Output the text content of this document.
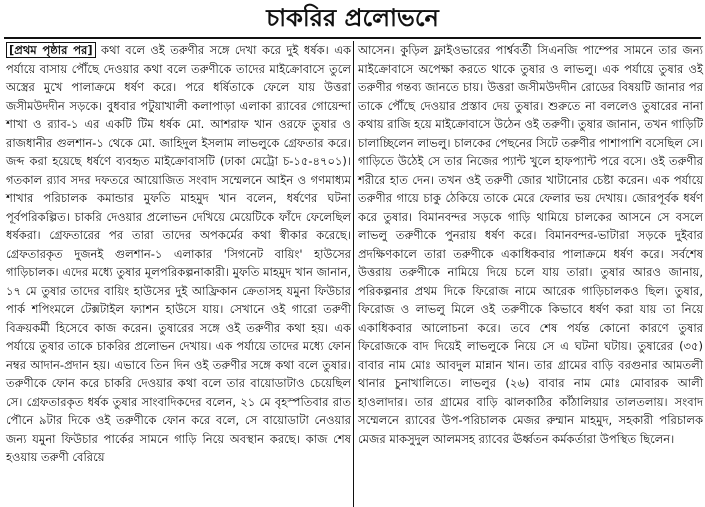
চাকরির প্রলোভনে

[প্রথম পৃষ্ঠার পর] কথা বলে ওই তরুণীর সঙ্গে দেখা করে দুই ধর্ষক। এক পর্যায়ে বাসায় পৌঁছে দেওয়ার কথা বলে তরুণীকে তাদের মাইক্রোবাসে তুলে অস্ত্রের মুখে পালাক্রমে ধর্ষণ করে। পরে ধর্ষিতাকে ফেলে যায় উত্তরা জসীমউদদীন সড়কে। বুধবার পটুয়াখালী কলাপাড়া এলাকা র‌্যাবের গোয়েন্দা শাখা ও র‌্যাব-১ এর একটি টিম ধর্ষক মো. আশরাফ খান ওরফে তুষার ও রাজধানীর গুলশান-১ থেকে মো. জাহিদুল ইসলাম লাভলুকে গ্রেফতার করে। জব্দ করা হয়েছে ধর্ষণে ব্যবহৃত মাইক্রোবাসটি (ঢাকা মেট্রো চ-১৫-৪৭০১)। গতকাল র‌্যাব সদর দফতরে আয়োজিত সংবাদ সম্মেলনে আইন ও গণমাধ্যম শাখার পরিচালক কমান্ডার মুফতি মাহমুদ খান বলেন, ধর্ষণের ঘটনা পূর্বপরিকল্পিত। চাকরি দেওয়ার প্রলোভন দেখিয়ে মেয়েটিকে ফাঁদে ফেলেছিল ধর্ষকরা। গ্রেফতারের পর তারা তাদের অপকর্মের কথা স্বীকার করেছে। গ্রেফতারকৃত দুজনই গুলশান-১ এলাকার 'সিগনেট বায়িং' হাউসের গাড়িচালক। এদের মধ্যে তুষার মূলপরিকল্পনাকারী। মুফতি মাহমুদ খান জানান, ১৭ মে তুষার তাদের বায়িং হাউসের দুই আফ্রিকান ক্রেতাসহ যমুনা ফিউচার পার্ক শপিংমলে টেক্সটাইল ফ্যাশন হাউসে যায়। সেখানে ওই গারো তরুণী বিক্রয়কর্মী হিসেবে কাজ করেন। তুষারের সঙ্গে ওই তরুণীর কথা হয়। এক পর্যায়ে তুষার তাকে চাকরির প্রলোভন দেখায়। এক পর্যায়ে তাদের মধ্যে ফোন নম্বর আদান-প্রদান হয়। এভাবে তিন দিন ওই তরুণীর সঙ্গে কথা বলে তুষার। তরুণীকে ফোন করে চাকরি দেওয়ার কথা বলে তার বায়োডাটাও চেয়েছিল সে। গ্রেফতারকৃত ধর্ষক তুষার সাংবাদিকদের বলেন, ২১ মে বৃহস্পতিবার রাত পৌনে ৯টার দিকে ওই তরুণীকে ফোন করে বলে, সে বায়োডাটা নেওয়ার জন্য যমুনা ফিউচার পার্কের সামনে গাড়ি নিয়ে অবস্থান করছে। কাজ শেষ হওয়ায় তরুণী বেরিয়ে

আসেন। কুড়িল ফ্লাইওভারের পার্শ্ববর্তী সিএনজি পাম্পের সামনে তার জন্য মাইক্রোবাসে অপেক্ষা করতে থাকে তুষার ও লাভলু। এক পর্যায়ে তুষার ওই তরুণীর গন্তব্য জানতে চায়। উত্তরা জসীমউদদীন রোডের বিষয়টি জানার পর তাকে পৌঁছে দেওয়ার প্রস্তাব দেয় তুষার। শুরুতে না বললেও তুষারের নানা কথায় রাজি হয়ে মাইক্রোবাসে উঠেন ওই তরুণী। তুষার জানান, তখন গাড়িটি চালাচ্ছিলেন লাভলু। চালকের পেছনের সিটে তরুণীর পাশাপাশি বসেছিল সে। গাড়িতে উঠেই সে তার নিজের প্যান্ট খুলে হাফপ্যান্ট পরে বসে। ওই তরুণীর শরীরে হাত দেন। তখন ওই তরুণী জোর খাটানোর চেষ্টা করেন। এক পর্যায়ে তরুণীর গায়ে চাকু ঠেকিয়ে তাকে মেরে ফেলার ভয় দেখায়। জোরপূর্বক ধর্ষণ করে তুষার। বিমানবন্দর সড়কে গাড়ি থামিয়ে চালকের আসনে সে বসলে লাভলু তরুণীকে পুনরায় ধর্ষণ করে। বিমানবন্দর-ভাটারা সড়কে দুইবার প্রদক্ষিণকালে তারা তরুণীকে একাধিকবার পালাক্রমে ধর্ষণ করে। সর্বশেষ উত্তরায় তরুণীকে নামিয়ে দিয়ে চলে যায় তারা। তুষার আরও জানায়, পরিকল্পনার প্রথম দিকে ফিরোজ নামে আরেক গাড়িচালকও ছিল। তুষার, ফিরোজ ও লাভলু মিলে ওই তরুণীকে কিভাবে ধর্ষণ করা যায় তা নিয়ে একাধিকবার আলোচনা করে। তবে শেষ পর্যন্ত কোনো কারণে তুষার ফিরোজকে বাদ দিয়েই লাভলুকে নিয়ে সে এ ঘটনা ঘটায়। তুষারের (৩৫) বাবার নাম মোঃ আবদুল মান্নান খান। তার গ্রামের বাড়ি বরগুনার আমতলী থানার চুনাখালিতে। লাভলুর (২৬) বাবার নাম মোঃ মোবারক আলী হাওলাদার। তার গ্রামের বাড়ি ঝালকাঠির কাঁঠালিয়ার তালতলায়। সংবাদ সম্মেলনে র‌্যাবের উপ-পরিচালক মেজর রুম্মান মাহমুদ, সহকারী পরিচালক মেজর মাকসুদুল আলমসহ র‌্যাবের ঊর্ধ্বতন কর্মকর্তারা উপস্থিত ছিলেন।
